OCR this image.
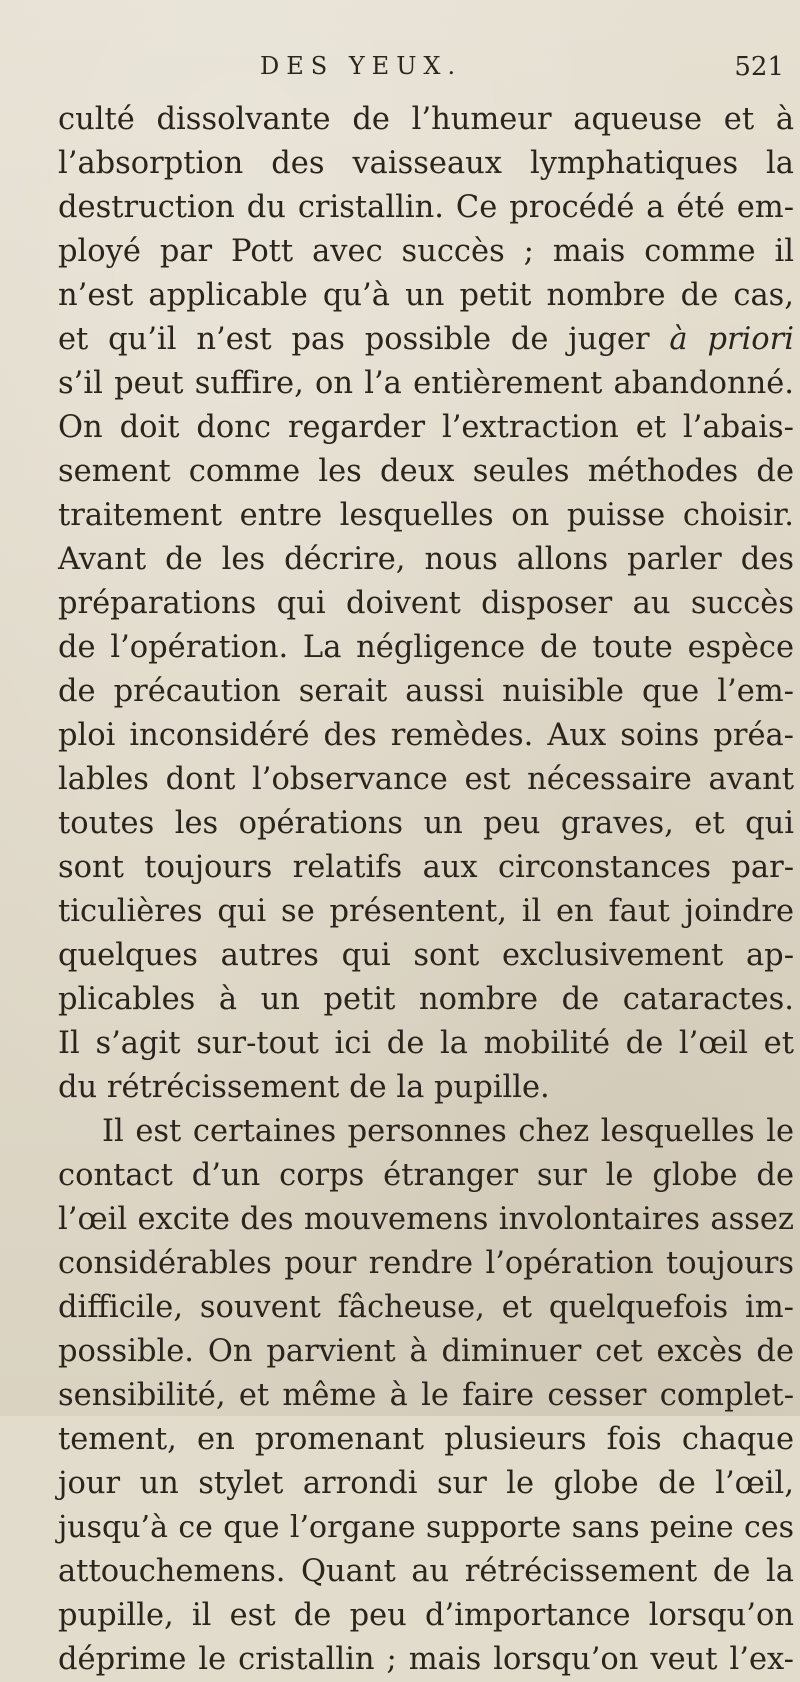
DES YEUX.	521
culté dissolvante de l’humeur aqueuse et à
l’absorption des vaisseaux lymphatiques la
destruction du cristallin. Ce procédé a été em-
ployé par Pott avec succès ; mais comme il
n’est applicable qu’à un petit nombre de cas,
et qu’il n’est pas possible de juger à priori
s’il peut suffire, on l’a entièrement abandonné.
On doit donc regarder l’extraction et l’abais-
sement comme les deux seules méthodes de
traitement entre lesquelles on puisse choisir.
Avant de les décrire, nous allons parler des
préparations qui doivent disposer au succès
de l’opération. La négligence de toute espèce
de précaution serait aussi nuisible que l’em-
ploi inconsidéré des remèdes. Aux soins préa-
lables dont l’observance est nécessaire avant
toutes les opérations un peu graves, et qui
sont toujours relatifs aux circonstances par-
ticulières qui se présentent, il en faut joindre
quelques autres qui sont exclusivement ap-
plicables à un petit nombre de cataractes.
Il s’agit sur-tout ici de la mobilité de l’œil et
du rétrécissement de la pupille.
Il est certaines personnes chez lesquelles le
contact d’un corps étranger sur le globe de
l’œil excite des mouvemens involontaires assez
considérables pour rendre l’opération toujours
difficile, souvent fâcheuse, et quelquefois im-
possible. On parvient à diminuer cet excès de
sensibilité, et même à le faire cesser complet-
tement, en promenant plusieurs fois chaque
jour un stylet arrondi sur le globe de l’œil,
jusqu’à ce que l’organe supporte sans peine ces
attouchemens. Quant au rétrécissement de la
pupille, il est de peu d’importance lorsqu’on
déprime le cristallin ; mais lorsqu’on veut l’ex-
